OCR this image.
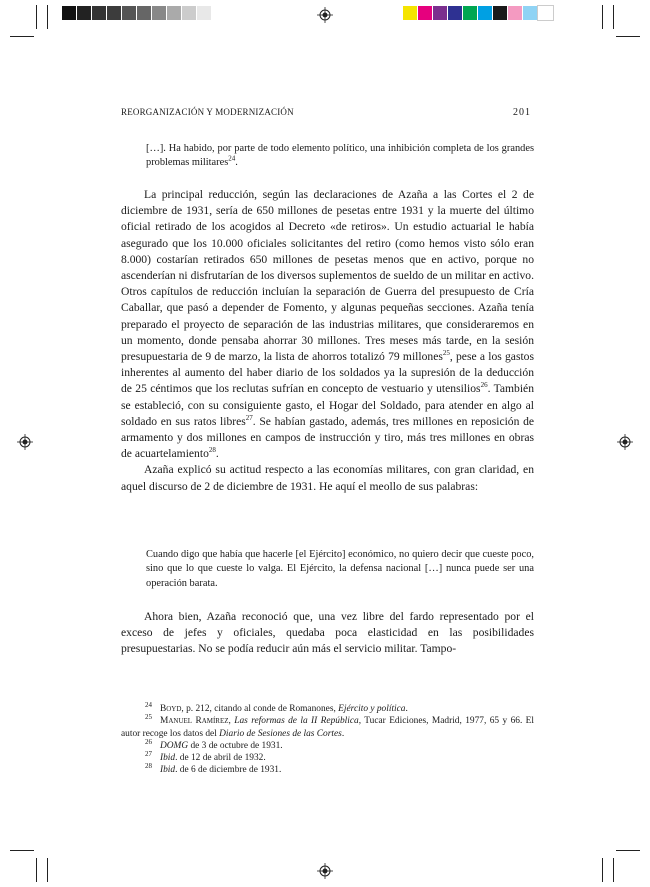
REORGANIZACIÓN Y MODERNIZACIÓN	201

[…]. Ha habido, por parte de todo elemento político, una inhibición completa de los grandes problemas militares$^{24}$.

La principal reducción, según las declaraciones de Azaña a las Cortes el 2 de diciembre de 1931, sería de 650 millones de pesetas entre 1931 y la muerte del último oficial retirado de los acogidos al Decreto «de retiros». Un estudio actuarial le había asegurado que los 10.000 oficiales solicitantes del retiro (como hemos visto sólo eran 8.000) costarían retirados 650 millones de pesetas menos que en activo, porque no ascenderían ni disfrutarían de los diversos suplementos de sueldo de un militar en activo. Otros capítulos de reducción incluían la separación de Guerra del presupuesto de Cría Caballar, que pasó a depender de Fomento, y algunas pequeñas secciones. Azaña tenía preparado el proyecto de separación de las industrias militares, que consideraremos en un momento, donde pensaba ahorrar 30 millones. Tres meses más tarde, en la sesión presupuestaria de 9 de marzo, la lista de ahorros totalizó 79 millones$^{25}$, pese a los gastos inherentes al aumento del haber diario de los soldados ya la supresión de la deducción de 25 céntimos que los reclutas sufrían en concepto de vestuario y utensilios$^{26}$. También se estableció, con su consiguiente gasto, el Hogar del Soldado, para atender en algo al soldado en sus ratos libres$^{27}$. Se habían gastado, además, tres millones en reposición de armamento y dos millones en campos de instrucción y tiro, más tres millones en obras de acuartelamiento$^{28}$.

Azaña explicó su actitud respecto a las economías militares, con gran claridad, en aquel discurso de 2 de diciembre de 1931. He aquí el meollo de sus palabras:

Cuando digo que había que hacerle [el Ejército] económico, no quiero decir que cueste poco, sino que lo que cueste lo valga. El Ejército, la defensa nacional […] nunca puede ser una operación barata.

Ahora bien, Azaña reconoció que, una vez libre del fardo representado por el exceso de jefes y oficiales, quedaba poca elasticidad en las posibilidades presupuestarias. No se podía reducir aún más el servicio militar. Tampo-

$^{24}$ Boyd, p. 212, citando al conde de Romanones, Ejército y política.

$^{25}$ Manuel Ramírez, Las reformas de la II República, Tucar Ediciones, Madrid, 1977, 65 y 66. El autor recoge los datos del Diario de Sesiones de las Cortes.

$^{26}$ DOMG de 3 de octubre de 1931.

$^{27}$ Ibid. de 12 de abril de 1932.

$^{28}$ Ibid. de 6 de diciembre de 1931.
